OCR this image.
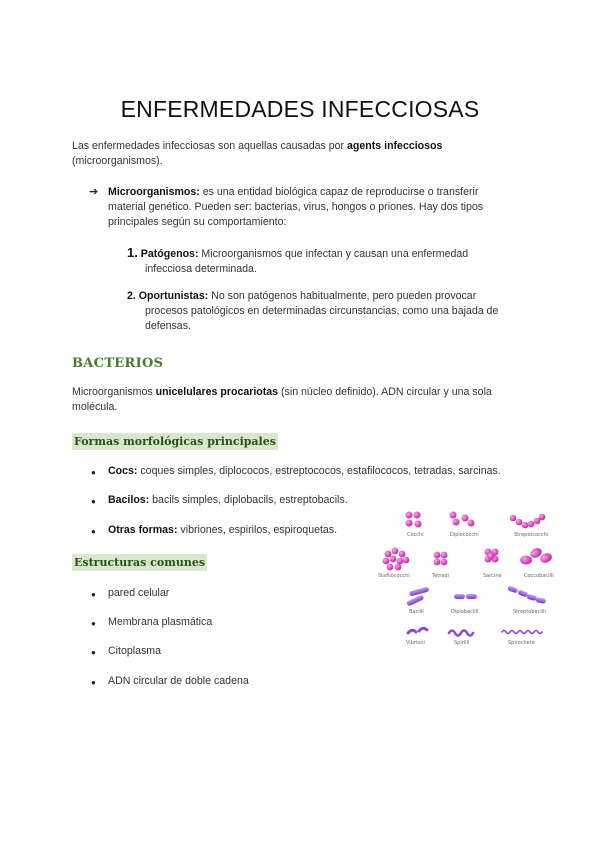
ENFERMEDADES INFECCIOSAS
Las enfermedades infecciosas son aquellas causadas por agents infecciosos
(microorganismos).
➔ Microorganismos: es una entidad biológica capaz de reproducirse o transferir
material genético. Pueden ser: bacterias, virus, hongos o priones. Hay dos tipos
principales según su comportamiento:
1. Patógenos: Microorganismos que infectan y causan una enfermedad
infecciosa determinada.
2. Oportunistas: No son patógenos habitualmente, pero pueden provocar
procesos patológicos en determinadas circunstancias, como una bajada de
defensas.
BACTERIOS
Microorganismos unicelulares procariotas (sin núcleo definido). ADN circular y una sola
molécula.
Formas morfológicas principales
● Cocs: coques simples, diplococos, estreptococos, estafilococos, tetradas, sarcinas.
● Bacilos: bacils simples, diplobacils, estreptobacils.
● Otras formas: vibriones, espirilos, espiroquetas.
Estructuras comunes
● pared celular
● Membrana plasmática
● Citoplasma
● ADN circular de doble cadena
Cocchi	Diplococchi	Streptococchi
Stafilococchi	Tetradi	Sarcine	Coccobacilli
Bacilli	Diplobacilli	Streptobacilli
Vibrioni	Spirilli	Spirochete
